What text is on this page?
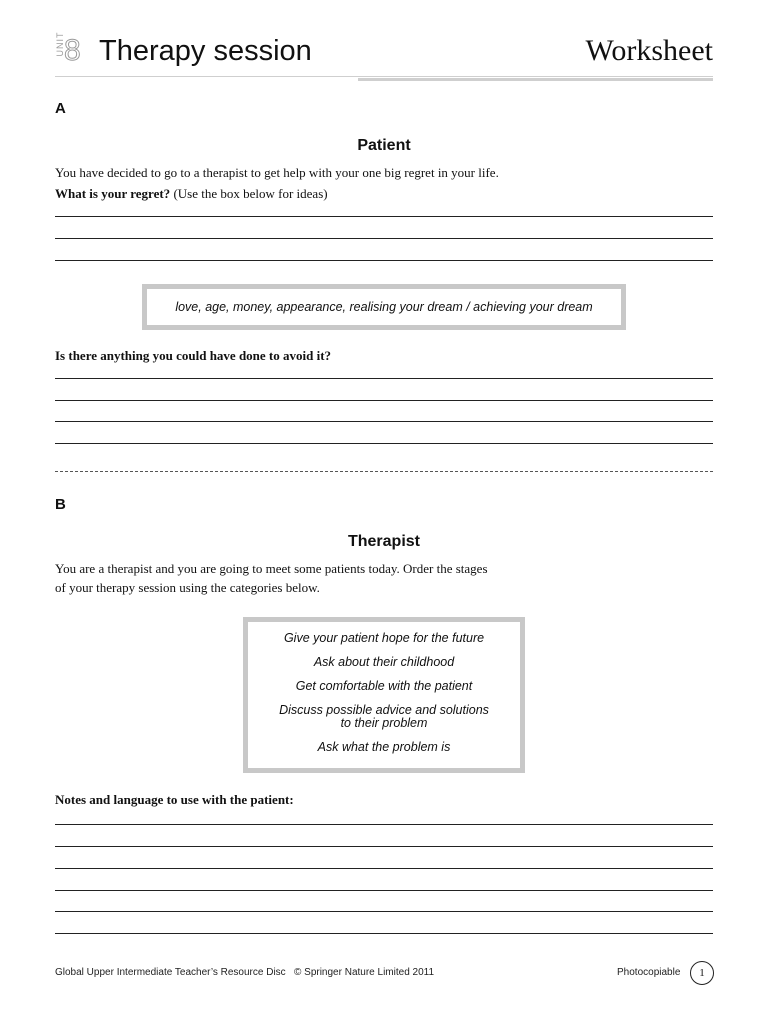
UNIT 8 Therapy session	Worksheet
A
Patient
You have decided to go to a therapist to get help with your one big regret in your life.
What is your regret? (Use the box below for ideas)
love, age, money, appearance, realising your dream / achieving your dream
Is there anything you could have done to avoid it?
B
Therapist
You are a therapist and you are going to meet some patients today. Order the stages
of your therapy session using the categories below.
Give your patient hope for the future
Ask about their childhood
Get comfortable with the patient
Discuss possible advice and solutions
to their problem
Ask what the problem is
Notes and language to use with the patient:
Global Upper Intermediate Teacher’s Resource Disc   © Springer Nature Limited 2011	Photocopiable	1
